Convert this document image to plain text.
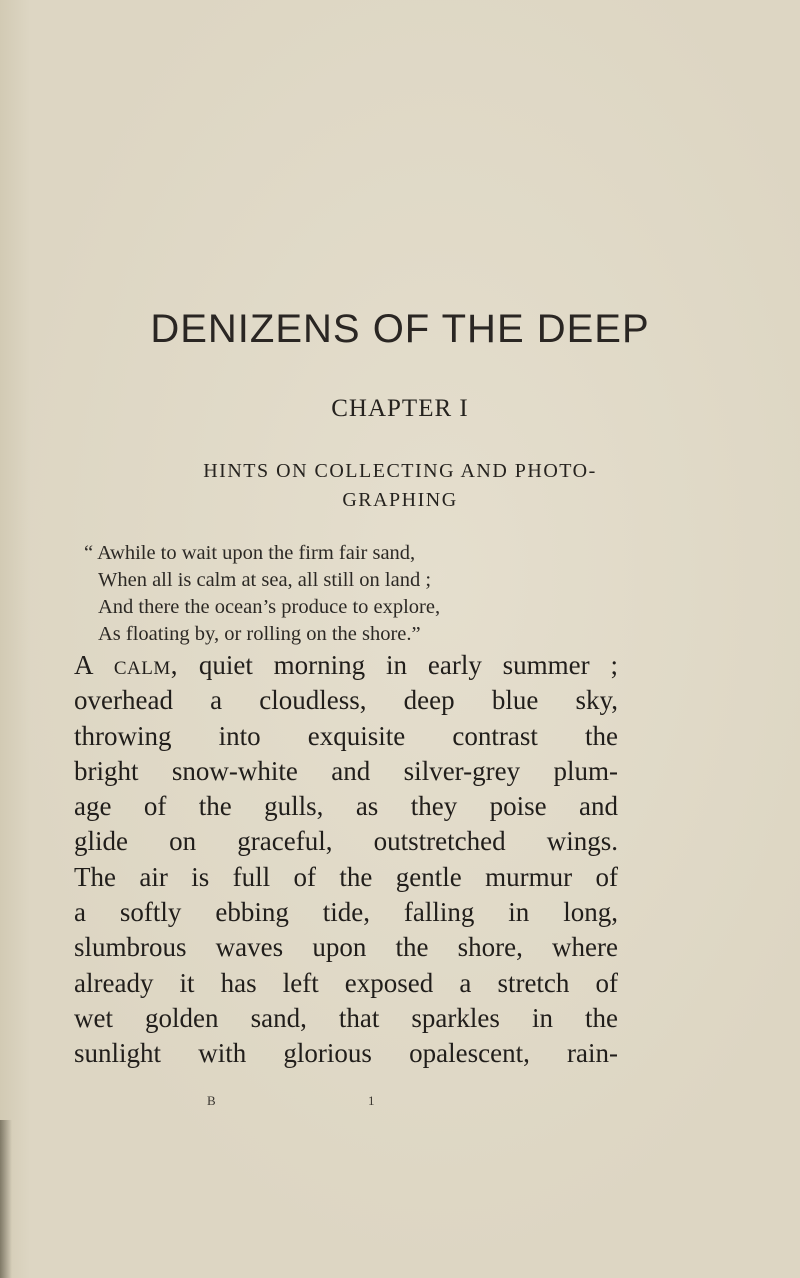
DENIZENS OF THE DEEP
CHAPTER I
HINTS ON COLLECTING AND PHOTO-
GRAPHING
“ Awhile to wait upon the firm fair sand,
When all is calm at sea, all still on land ;
And there the ocean’s produce to explore,
As floating by, or rolling on the shore.”
A calm, quiet morning in early summer ;
overhead a cloudless, deep blue sky,
throwing into exquisite contrast the
bright snow-white and silver-grey plum-
age of the gulls, as they poise and
glide on graceful, outstretched wings.
The air is full of the gentle murmur of
a softly ebbing tide, falling in long,
slumbrous waves upon the shore, where
already it has left exposed a stretch of
wet golden sand, that sparkles in the
sunlight with glorious opalescent, rain-
B	1
